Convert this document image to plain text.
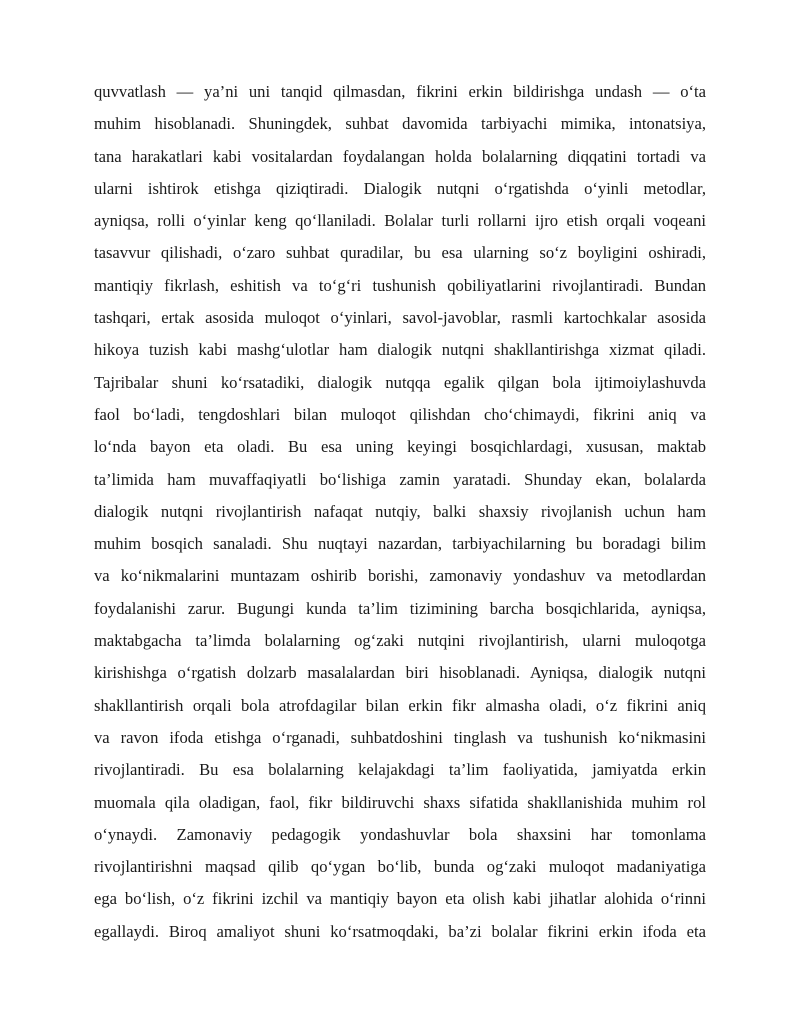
quvvatlash — ya’ni uni tanqid qilmasdan, fikrini erkin bildirishga undash — o‘ta
muhim hisoblanadi. Shuningdek, suhbat davomida tarbiyachi mimika, intonatsiya,
tana harakatlari kabi vositalardan foydalangan holda bolalarning diqqatini tortadi va
ularni ishtirok etishga qiziqtiradi. Dialogik nutqni o‘rgatishda o‘yinli metodlar,
ayniqsa, rolli o‘yinlar keng qo‘llaniladi. Bolalar turli rollarni ijro etish orqali voqeani
tasavvur qilishadi, o‘zaro suhbat quradilar, bu esa ularning so‘z boyligini oshiradi,
mantiqiy fikrlash, eshitish va to‘g‘ri tushunish qobiliyatlarini rivojlantiradi. Bundan
tashqari, ertak asosida muloqot o‘yinlari, savol-javoblar, rasmli kartochkalar asosida
hikoya tuzish kabi mashg‘ulotlar ham dialogik nutqni shakllantirishga xizmat qiladi.
Tajribalar shuni ko‘rsatadiki, dialogik nutqqa egalik qilgan bola ijtimoiylashuvda
faol bo‘ladi, tengdoshlari bilan muloqot qilishdan cho‘chimaydi, fikrini aniq va
lo‘nda bayon eta oladi. Bu esa uning keyingi bosqichlardagi, xususan, maktab
ta’limida ham muvaffaqiyatli bo‘lishiga zamin yaratadi. Shunday ekan, bolalarda
dialogik nutqni rivojlantirish nafaqat nutqiy, balki shaxsiy rivojlanish uchun ham
muhim bosqich sanaladi. Shu nuqtayi nazardan, tarbiyachilarning bu boradagi bilim
va ko‘nikmalarini muntazam oshirib borishi, zamonaviy yondashuv va metodlardan
foydalanishi zarur. Bugungi kunda ta’lim tizimining barcha bosqichlarida, ayniqsa,
maktabgacha ta’limda bolalarning og‘zaki nutqini rivojlantirish, ularni muloqotga
kirishishga o‘rgatish dolzarb masalalardan biri hisoblanadi. Ayniqsa, dialogik nutqni
shakllantirish orqali bola atrofdagilar bilan erkin fikr almasha oladi, o‘z fikrini aniq
va ravon ifoda etishga o‘rganadi, suhbatdoshini tinglash va tushunish ko‘nikmasini
rivojlantiradi. Bu esa bolalarning kelajakdagi ta’lim faoliyatida, jamiyatda erkin
muomala qila oladigan, faol, fikr bildiruvchi shaxs sifatida shakllanishida muhim rol
o‘ynaydi. Zamonaviy pedagogik yondashuvlar bola shaxsini har tomonlama
rivojlantirishni maqsad qilib qo‘ygan bo‘lib, bunda og‘zaki muloqot madaniyatiga
ega bo‘lish, o‘z fikrini izchil va mantiqiy bayon eta olish kabi jihatlar alohida o‘rinni
egallaydi. Biroq amaliyot shuni ko‘rsatmoqdaki, ba’zi bolalar fikrini erkin ifoda eta
